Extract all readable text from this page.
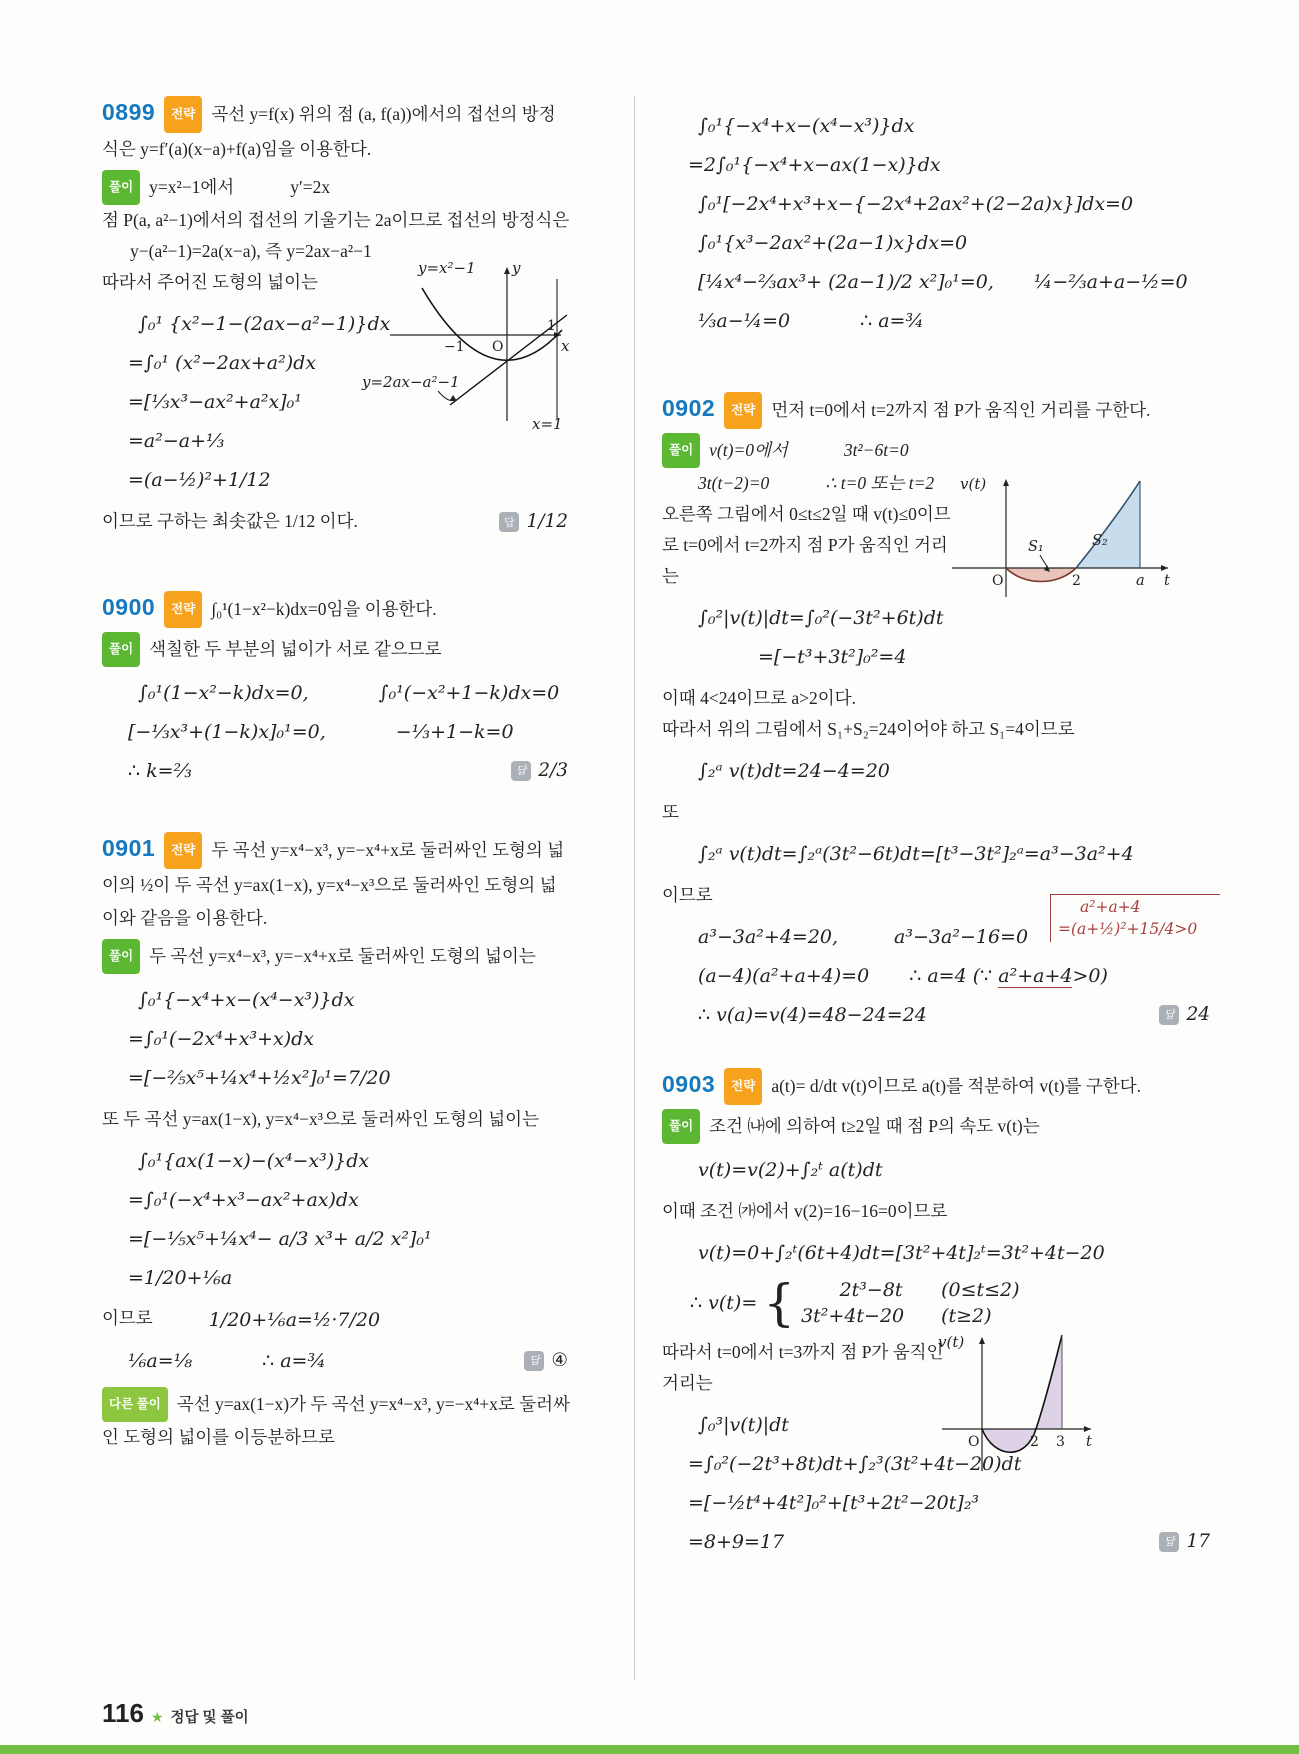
0899 전략 곡선 y=f(x) 위의 점 (a, f(a))에서의 접선의 방정식은 y=f′(a)(x−a)+f(a)임을 이용한다.
풀이 y=x²−1에서	y′=2x
점 P(a, a²−1)에서의 접선의 기울기는 2a이므로 접선의 방정식은
y−(a²−1)=2a(x−a), 즉 y=2ax−a²−1
따라서 주어진 도형의 넓이는
y=x²−1 y
x
−1 O
1
y=2ax−a²−1
x=1
∫₀¹ {x²−1−(2ax−a²−1)}dx
=∫₀¹ (x²−2ax+a²)dx
=[⅓x³−ax²+a²x]₀¹
=a²−a+⅓
=(a−½)²+1/12
이므로 구하는 최솟값은 1/12 이다.	답 1/12
0900 전략 ∫₀¹(1−x²−k)dx=0임을 이용한다.
풀이 색칠한 두 부분의 넓이가 서로 같으므로
∫₀¹(1−x²−k)dx=0,	∫₀¹(−x²+1−k)dx=0
[−⅓x³+(1−k)x]₀¹=0,	−⅓+1−k=0
∴ k=⅔	답 2/3
0901 전략 두 곡선 y=x⁴−x³, y=−x⁴+x로 둘러싸인 도형의 넓이의 ½이 두 곡선 y=ax(1−x), y=x⁴−x³으로 둘러싸인 도형의 넓이와 같음을 이용한다.
풀이 두 곡선 y=x⁴−x³, y=−x⁴+x로 둘러싸인 도형의 넓이는
∫₀¹{−x⁴+x−(x⁴−x³)}dx
=∫₀¹(−2x⁴+x³+x)dx
=[−⅖x⁵+¼x⁴+½x²]₀¹=7/20
또 두 곡선 y=ax(1−x), y=x⁴−x³으로 둘러싸인 도형의 넓이는
∫₀¹{ax(1−x)−(x⁴−x³)}dx
=∫₀¹(−x⁴+x³−ax²+ax)dx
=[−⅕x⁵+¼x⁴− a/3 x³+ a/2 x²]₀¹
=1/20+⅙a
이므로	1/20+⅙a=½·7/20
⅙a=⅛	∴ a=¾	답 ④
다른 풀이 곡선 y=ax(1−x)가 두 곡선 y=x⁴−x³, y=−x⁴+x로 둘러싸인 도형의 넓이를 이등분하므로
∫₀¹{−x⁴+x−(x⁴−x³)}dx
=2∫₀¹{−x⁴+x−ax(1−x)}dx
∫₀¹[−2x⁴+x³+x−{−2x⁴+2ax²+(2−2a)x}]dx=0
∫₀¹{x³−2ax²+(2a−1)x}dx=0
[¼x⁴−⅔ax³+ (2a−1)/2 x²]₀¹=0, ¼−⅔a+a−½=0
⅓a−¼=0	∴ a=¾
0902 전략 먼저 t=0에서 t=2까지 점 P가 움직인 거리를 구한다.
풀이 v(t)=0에서	3t²−6t=0
3t(t−2)=0	∴ t=0 또는 t=2
오른쪽 그림에서 0≤t≤2일 때 v(t)≤0이므로 t=0에서 t=2까지 점 P가 움직인 거리는
v(t)
S₁	S₂
O	2	a t
∫₀²|v(t)|dt=∫₀²(−3t²+6t)dt
=[−t³+3t²]₀²=4
이때 4<24이므로 a>2이다.
따라서 위의 그림에서 S₁+S₂=24이어야 하고 S₁=4이므로
∫₂ᵃ v(t)dt=24−4=20
또
∫₂ᵃ v(t)dt=∫₂ᵃ(3t²−6t)dt=[t³−3t²]₂ᵃ=a³−3a²+4
이므로
a³−3a²+4=20,	a³−3a²−16=0
a²+a+4
=(a+½)²+15/4>0
(a−4)(a²+a+4)=0 ∴ a=4 (∵ a²+a+4>0)
∴ v(a)=v(4)=48−24=24	답 24
0903 전략 a(t)= d/dt v(t)이므로 a(t)를 적분하여 v(t)를 구한다.
풀이 조건 ㈏에 의하여 t≥2일 때 점 P의 속도 v(t)는
v(t)=v(2)+∫₂ᵗ a(t)dt
이때 조건 ㈎에서 v(2)=16−16=0이므로
v(t)=0+∫₂ᵗ(6t+4)dt=[3t²+4t]₂ᵗ=3t²+4t−20
∴ v(t)= {	2t³−8t	(0≤t≤2)
3t²+4t−20	(t≥2)
따라서 t=0에서 t=3까지 점 P가 움직인 거리는
v(t)
O	2 3 t
∫₀³|v(t)|dt
=∫₀²(−2t³+8t)dt+∫₂³(3t²+4t−20)dt
=[−½t⁴+4t²]₀²+[t³+2t²−20t]₂³
=8+9=17	답 17
116 ★ 정답 및 풀이
